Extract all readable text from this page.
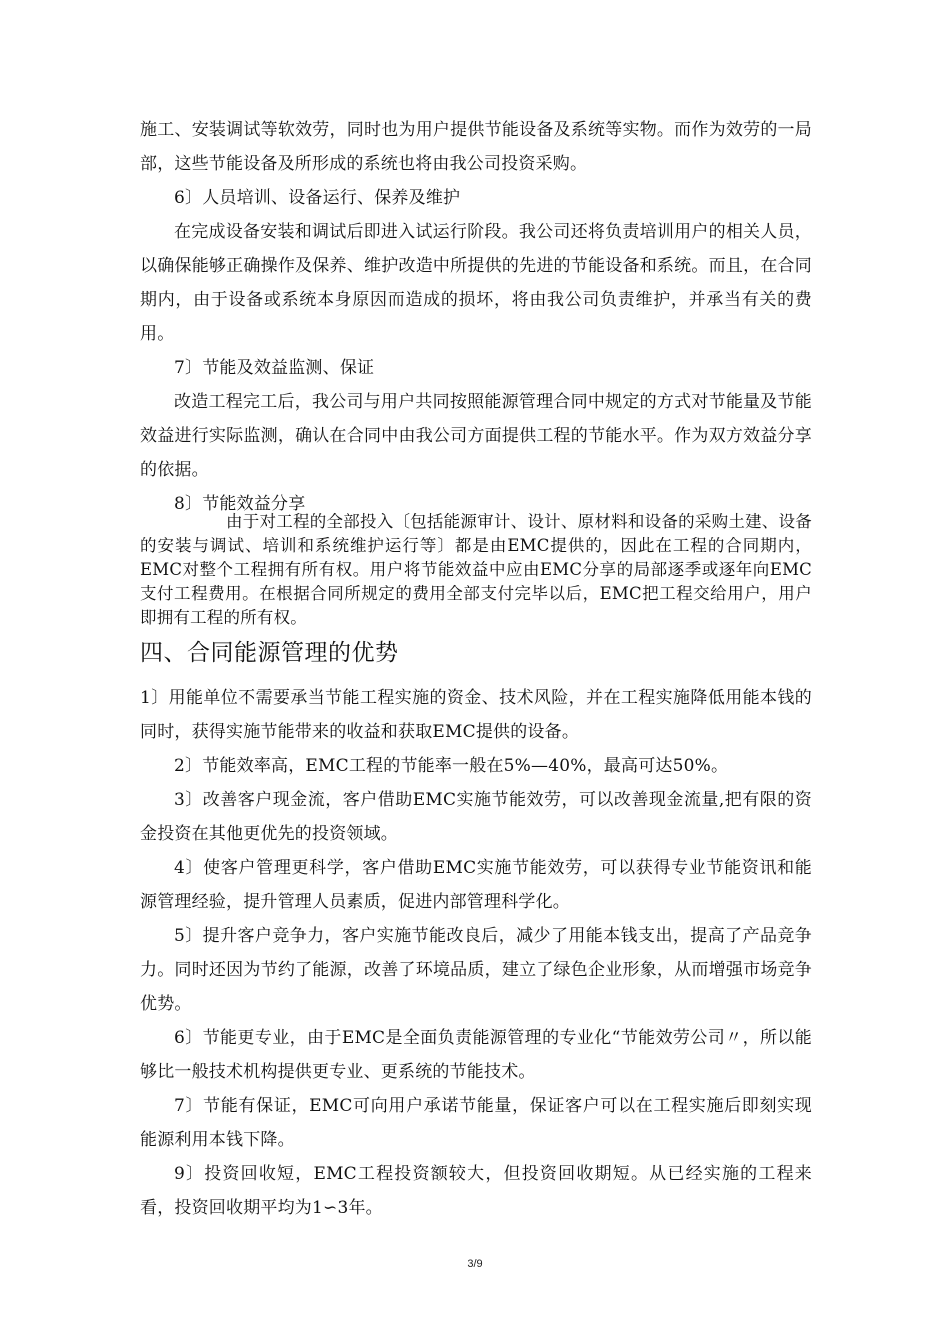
施工、安装调试等软效劳，同时也为用户提供节能设备及系统等实物。而作为效劳的一局部，这些节能设备及所形成的系统也将由我公司投资采购。

6〕人员培训、设备运行、保养及维护

在完成设备安装和调试后即进入试运行阶段。我公司还将负责培训用户的相关人员，以确保能够正确操作及保养、维护改造中所提供的先进的节能设备和系统。而且，在合同期内，由于设备或系统本身原因而造成的损坏，将由我公司负责维护，并承当有关的费用。

7〕节能及效益监测、保证

改造工程完工后，我公司与用户共同按照能源管理合同中规定的方式对节能量及节能效益进行实际监测，确认在合同中由我公司方面提供工程的节能水平。作为双方效益分享的依据。

8〕节能效益分享

由于对工程的全部投入〔包括能源审计、设计、原材料和设备的采购土建、设备的安装与调试、培训和系统维护运行等〕都是由EMC提供的，因此在工程的合同期内，EMC对整个工程拥有所有权。用户将节能效益中应由EMC分享的局部逐季或逐年向EMC支付工程费用。在根据合同所规定的费用全部支付完毕以后，EMC把工程交给用户，用户即拥有工程的所有权。

四、合同能源管理的优势

1〕用能单位不需要承当节能工程实施的资金、技术风险，并在工程实施降低用能本钱的同时，获得实施节能带来的收益和获取EMC提供的设备。

2〕节能效率高，EMC工程的节能率一般在5%—40%，最高可达50%。

3〕改善客户现金流，客户借助EMC实施节能效劳，可以改善现金流量,把有限的资金投资在其他更优先的投资领域。

4〕使客户管理更科学，客户借助EMC实施节能效劳，可以获得专业节能资讯和能源管理经验，提升管理人员素质，促进内部管理科学化。

5〕提升客户竞争力，客户实施节能改良后，减少了用能本钱支出，提高了产品竞争力。同时还因为节约了能源，改善了环境品质，建立了绿色企业形象，从而增强市场竞争优势。

6〕节能更专业，由于EMC是全面负责能源管理的专业化“节能效劳公司〃，所以能够比一般技术机构提供更专业、更系统的节能技术。

7〕节能有保证，EMC可向用户承诺节能量，保证客户可以在工程实施后即刻实现能源利用本钱下降。

9〕投资回收短，EMC工程投资额较大，但投资回收期短。从已经实施的工程来看，投资回收期平均为1∽3年。

3/9
